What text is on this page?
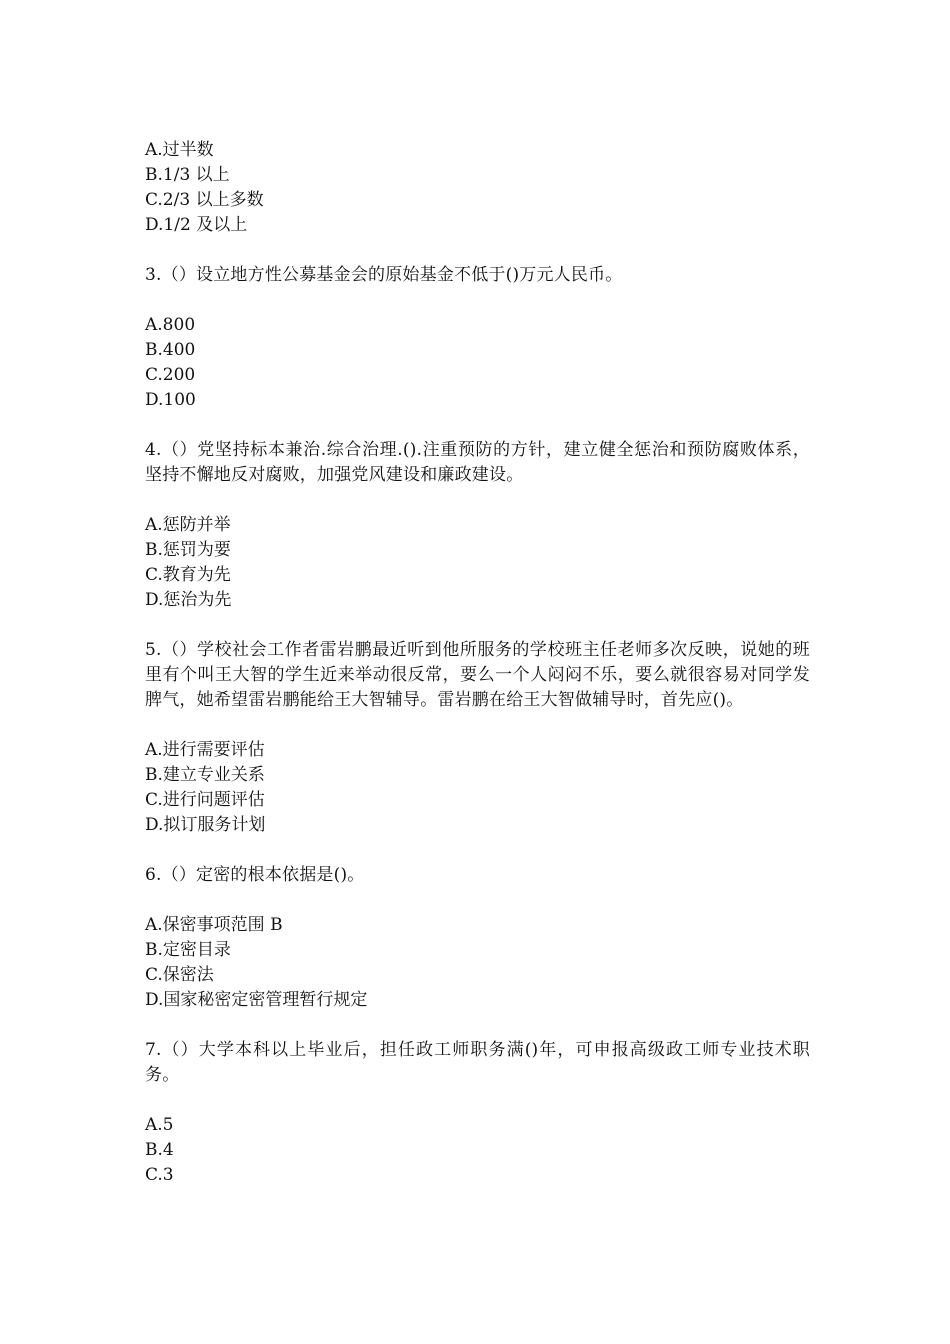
A.过半数
B.1/3 以上
C.2/3 以上多数
D.1/2 及以上
3.（）设立地方性公募基金会的原始基金不低于()万元人民币。
A.800
B.400
C.200
D.100
4.（）党坚持标本兼治.综合治理.().注重预防的方针，建立健全惩治和预防腐败体系，坚持不懈地反对腐败，加强党风建设和廉政建设。
A.惩防并举
B.惩罚为要
C.教育为先
D.惩治为先
5.（）学校社会工作者雷岩鹏最近听到他所服务的学校班主任老师多次反映，说她的班里有个叫王大智的学生近来举动很反常，要么一个人闷闷不乐，要么就很容易对同学发脾气，她希望雷岩鹏能给王大智辅导。雷岩鹏在给王大智做辅导时，首先应()。
A.进行需要评估
B.建立专业关系
C.进行问题评估
D.拟订服务计划
6.（）定密的根本依据是()。
A.保密事项范围 B
B.定密目录
C.保密法
D.国家秘密定密管理暂行规定
7.（）大学本科以上毕业后，担任政工师职务满()年，可申报高级政工师专业技术职务。
A.5
B.4
C.3
